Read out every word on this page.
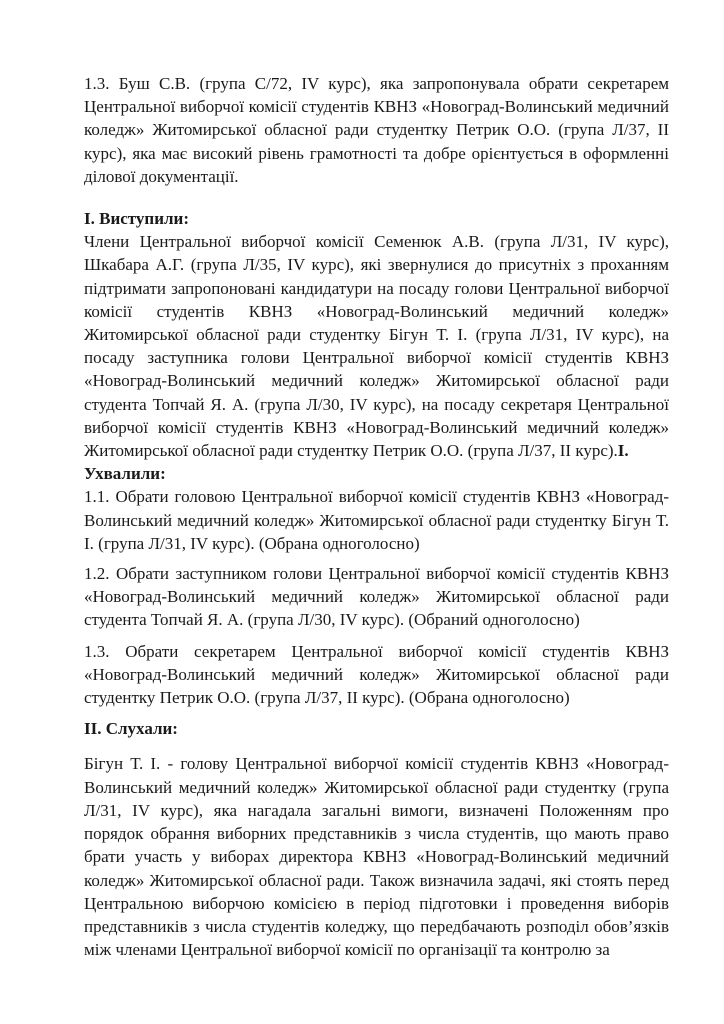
1.3. Буш С.В. (група С/72, IV курс), яка запропонувала обрати секретарем Центральної виборчої комісії студентів КВНЗ «Новоград-Волинський медичний коледж» Житомирської обласної ради студентку Петрик О.О. (група Л/37, ІІ курс), яка має високий рівень грамотності та добре орієнтується в оформленні ділової документації.

І. Виступили:

Члени Центральної виборчої комісії Семенюк А.В. (група Л/31, IV курс), Шкабара А.Г. (група Л/35, IV курс), які звернулися до присутніх з проханням підтримати запропоновані кандидатури на посаду голови Центральної виборчої комісії студентів КВНЗ «Новоград-Волинський медичний коледж» Житомирської обласної ради студентку Бігун Т. І. (група Л/31, IV курс), на посаду заступника голови Центральної виборчої комісії студентів КВНЗ «Новоград-Волинський медичний коледж» Житомирської обласної ради студента Топчай Я. А. (група Л/30, IV курс), на посаду секретаря Центральної виборчої комісії студентів КВНЗ «Новоград-Волинський медичний коледж» Житомирської обласної ради студентку Петрик О.О. (група Л/37, ІІ курс).І.

Ухвалили:

1.1. Обрати головою Центральної виборчої комісії студентів КВНЗ «Новоград-Волинський медичний коледж» Житомирської обласної ради студентку Бігун Т. І. (група Л/31, IV курс). (Обрана одноголосно)

1.2. Обрати заступником голови Центральної виборчої комісії студентів КВНЗ «Новоград-Волинський медичний коледж» Житомирської обласної ради студента Топчай Я. А. (група Л/30, IV курс). (Обраний одноголосно)

1.3. Обрати секретарем Центральної виборчої комісії студентів КВНЗ «Новоград-Волинський медичний коледж» Житомирської обласної ради студентку Петрик О.О. (група Л/37, ІІ курс). (Обрана одноголосно)

ІІ. Слухали:

Бігун Т. І. - голову Центральної виборчої комісії студентів КВНЗ «Новоград-Волинський медичний коледж» Житомирської обласної ради студентку (група Л/31, IV курс), яка нагадала загальні вимоги, визначені Положенням про порядок обрання виборних представників з числа студентів, що мають право брати участь у виборах директора КВНЗ «Новоград-Волинський медичний коледж» Житомирської обласної ради. Також визначила задачі, які стоять перед Центральною виборчою комісією в період підготовки і проведення виборів представників з числа студентів коледжу, що передбачають розподіл обов’язків між членами Центральної виборчої комісії по організації та контролю за
